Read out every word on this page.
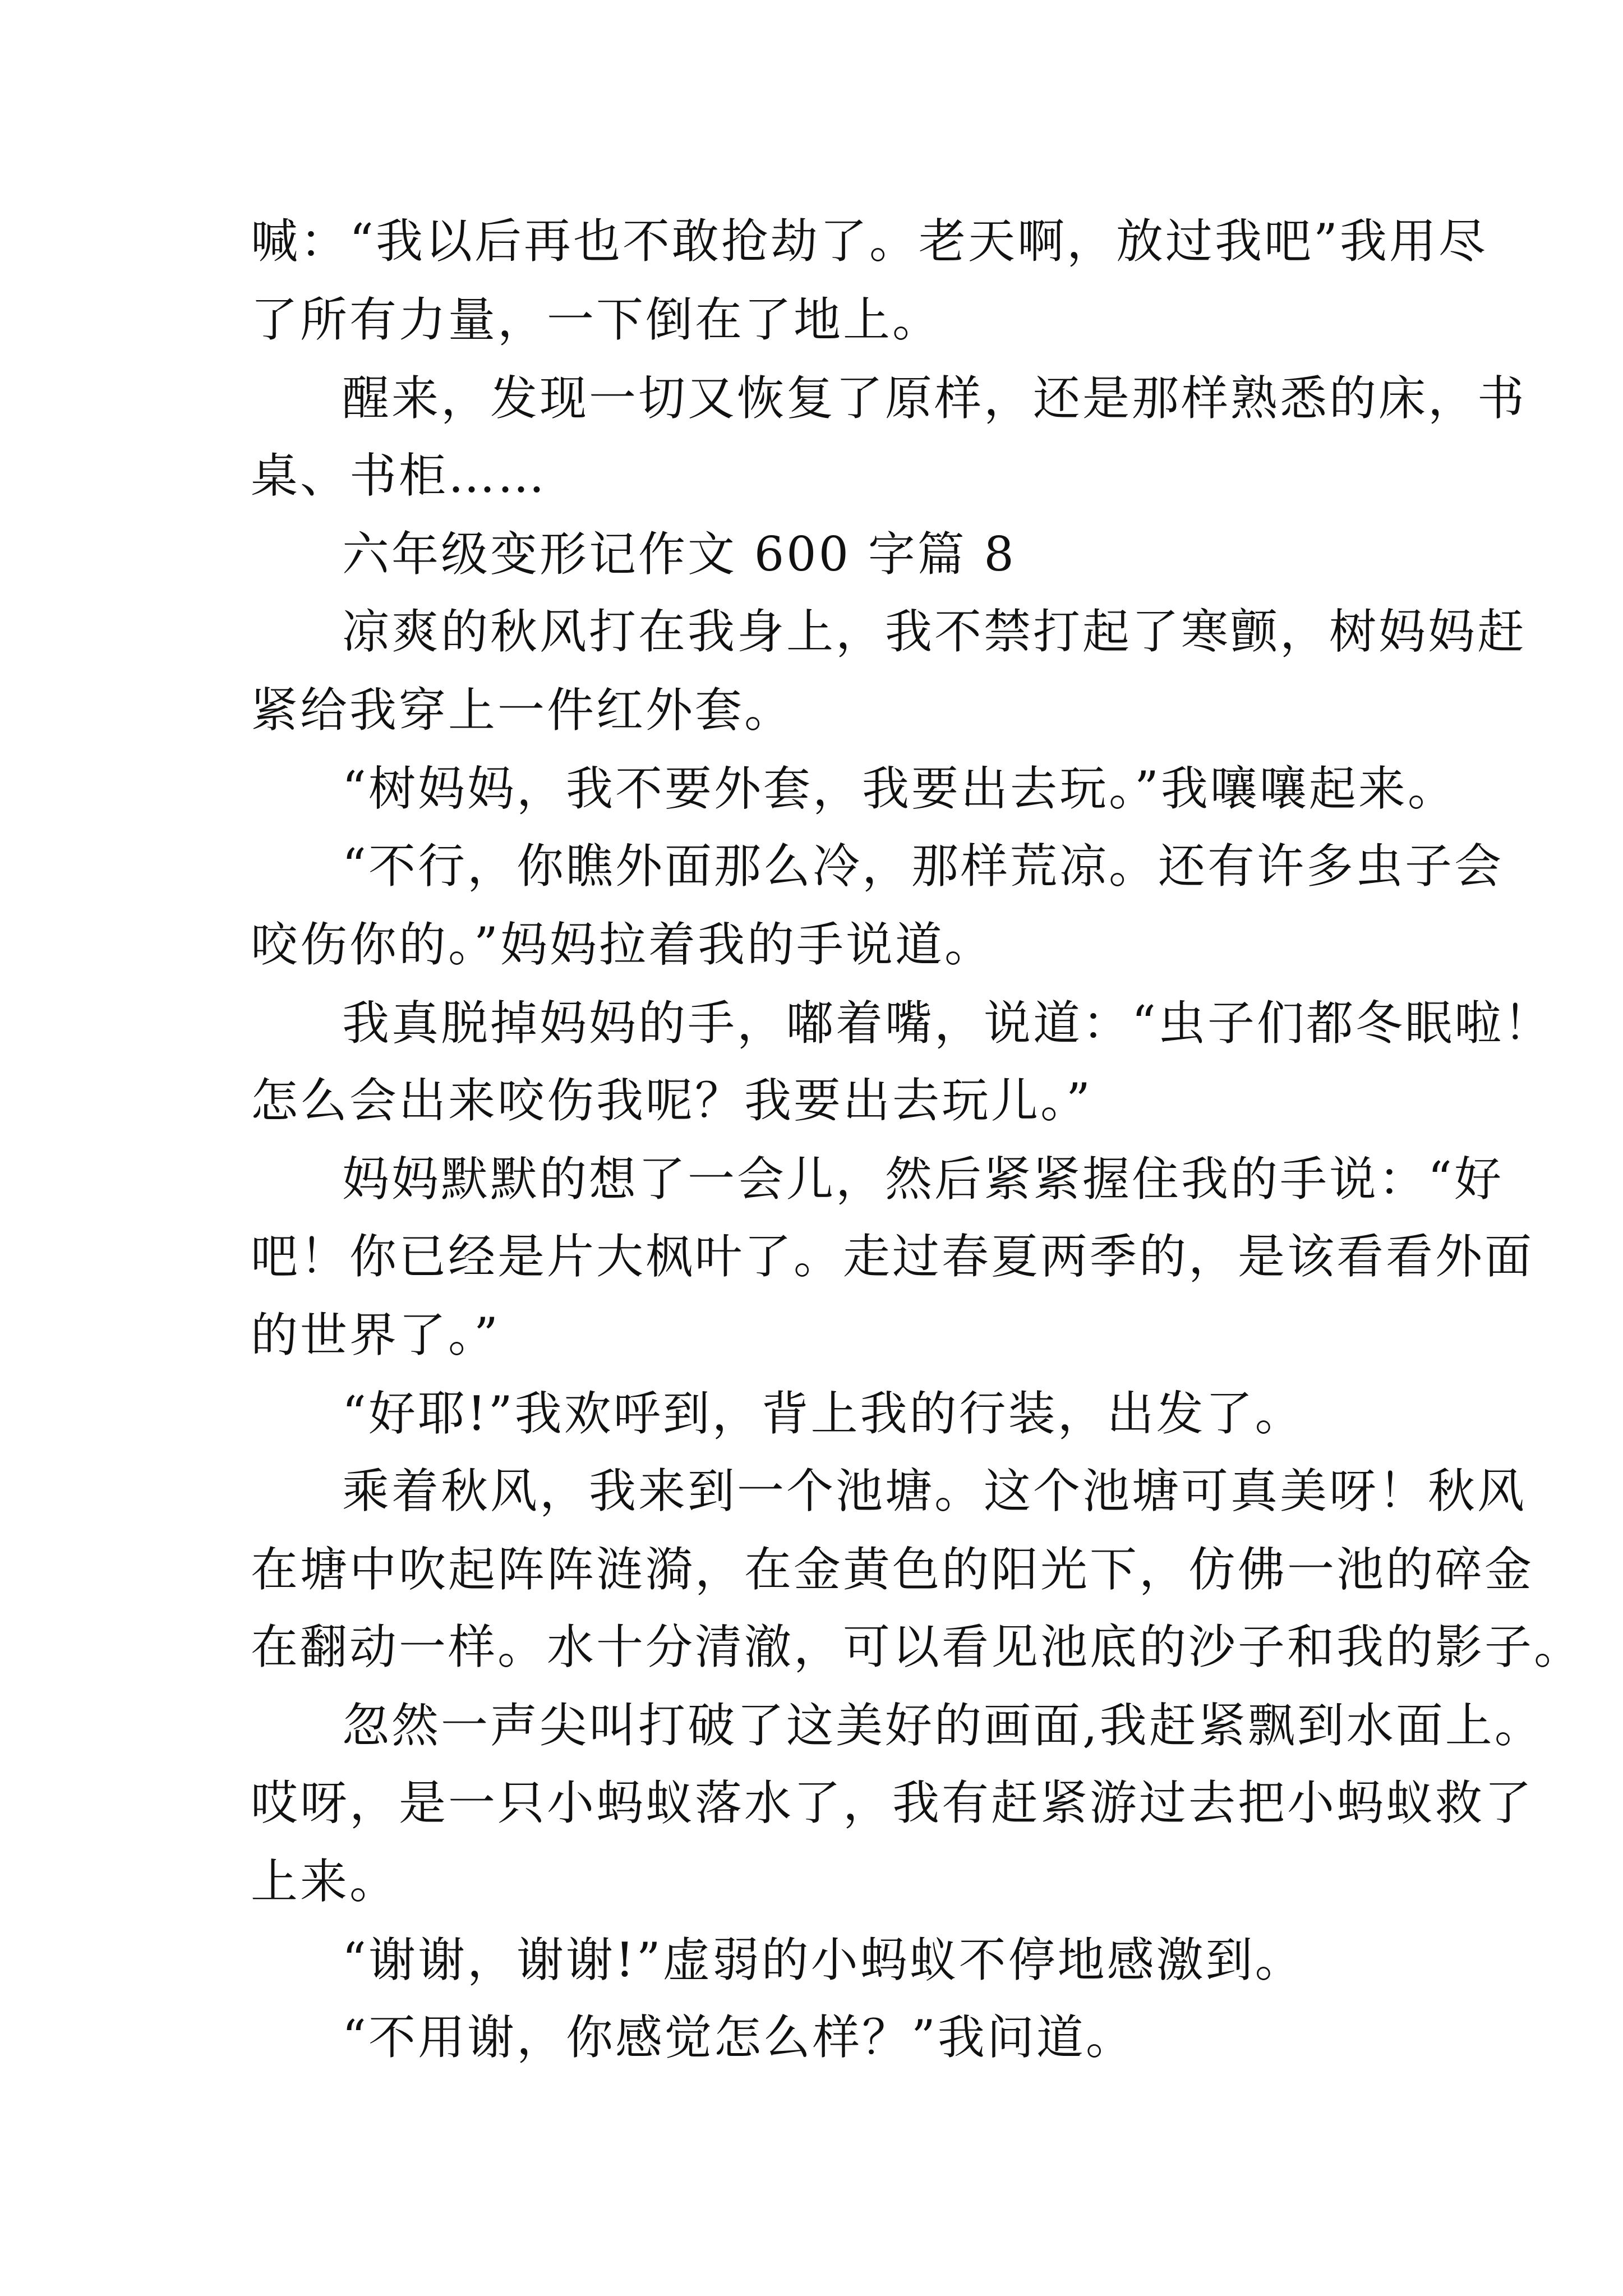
喊：“我以后再也不敢抢劫了。老天啊，放过我吧”我用尽
了所有力量，一下倒在了地上。
醒来，发现一切又恢复了原样，还是那样熟悉的床，书
桌、书柜……
六年级变形记作文 600 字篇 8
凉爽的秋风打在我身上，我不禁打起了寒颤，树妈妈赶
紧给我穿上一件红外套。
“树妈妈，我不要外套，我要出去玩。”我嚷嚷起来。
“不行，你瞧外面那么冷，那样荒凉。还有许多虫子会
咬伤你的。”妈妈拉着我的手说道。
我真脱掉妈妈的手，嘟着嘴，说道：“虫子们都冬眠啦！
怎么会出来咬伤我呢？我要出去玩儿。”
妈妈默默的想了一会儿，然后紧紧握住我的手说：“好
吧！你已经是片大枫叶了。走过春夏两季的，是该看看外面
的世界了。”
“好耶!”我欢呼到，背上我的行装，出发了。
乘着秋风，我来到一个池塘。这个池塘可真美呀！秋风
在塘中吹起阵阵涟漪，在金黄色的阳光下，仿佛一池的碎金
在翻动一样。水十分清澈，可以看见池底的沙子和我的影子。
忽然一声尖叫打破了这美好的画面,我赶紧飘到水面上。
哎呀，是一只小蚂蚁落水了，我有赶紧游过去把小蚂蚁救了
上来。
“谢谢，谢谢!”虚弱的小蚂蚁不停地感激到。
“不用谢，你感觉怎么样？”我问道。
